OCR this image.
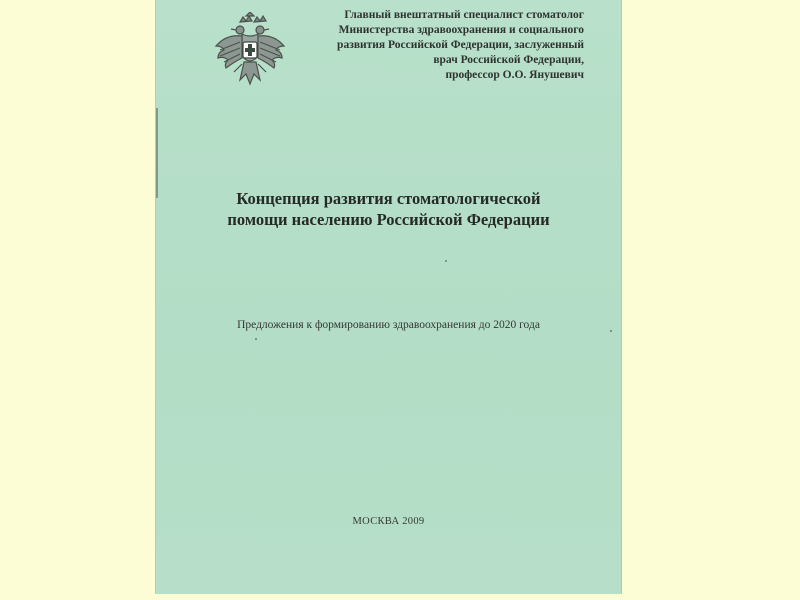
Главный внештатный специалист стоматолог
Министерства здравоохранения и социального
развития Российской Федерации, заслуженный
врач Российской Федерации,
профессор О.О. Янушевич
Концепция развития стоматологической
помощи населению Российской Федерации
Предложения к формированию здравоохранения до 2020 года
МОСКВА 2009
